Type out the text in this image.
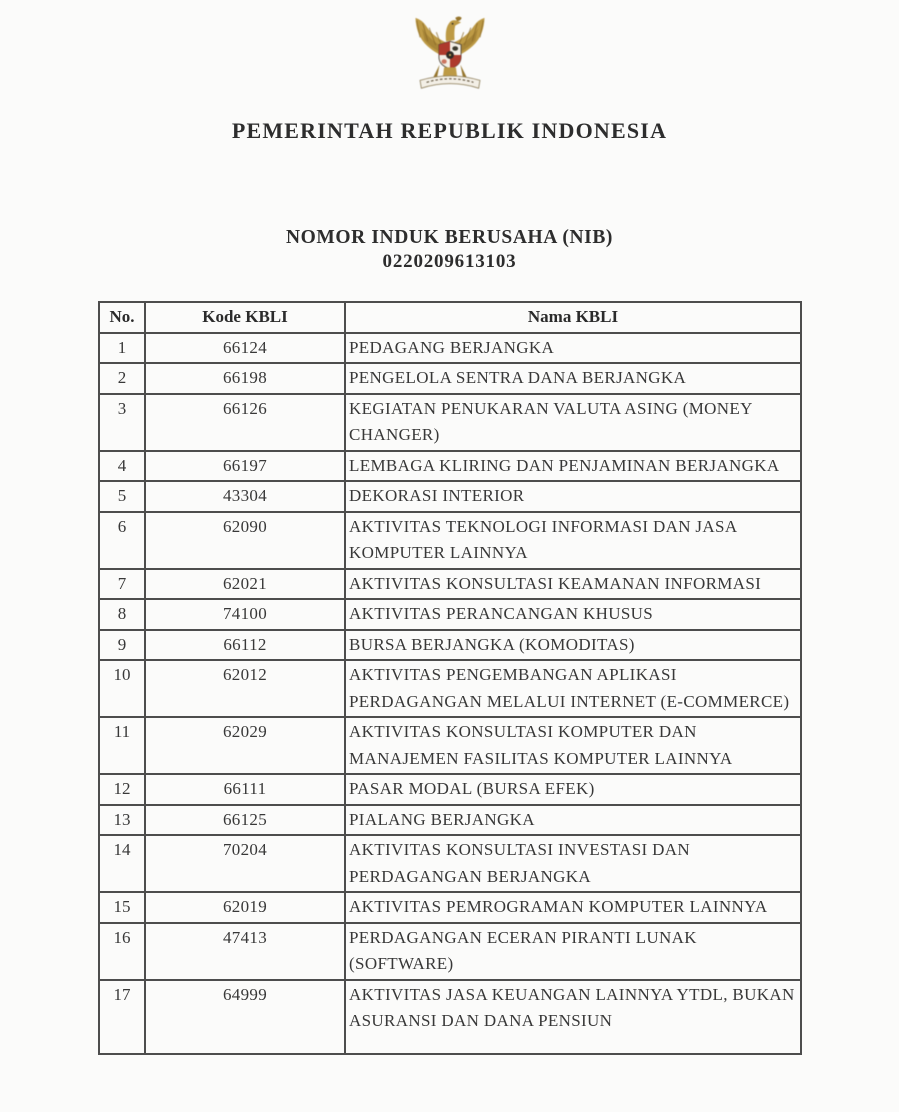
PEMERINTAH REPUBLIK INDONESIA
NOMOR INDUK BERUSAHA (NIB)
0220209613103
No.	Kode KBLI	Nama KBLI
1	66124	PEDAGANG BERJANGKA
2	66198	PENGELOLA SENTRA DANA BERJANGKA
3	66126	KEGIATAN PENUKARAN VALUTA ASING (MONEY CHANGER)
4	66197	LEMBAGA KLIRING DAN PENJAMINAN BERJANGKA
5	43304	DEKORASI INTERIOR
6	62090	AKTIVITAS TEKNOLOGI INFORMASI DAN JASA KOMPUTER LAINNYA
7	62021	AKTIVITAS KONSULTASI KEAMANAN INFORMASI
8	74100	AKTIVITAS PERANCANGAN KHUSUS
9	66112	BURSA BERJANGKA (KOMODITAS)
10	62012	AKTIVITAS PENGEMBANGAN APLIKASI PERDAGANGAN MELALUI INTERNET (E-COMMERCE)
11	62029	AKTIVITAS KONSULTASI KOMPUTER DAN MANAJEMEN FASILITAS KOMPUTER LAINNYA
12	66111	PASAR MODAL (BURSA EFEK)
13	66125	PIALANG BERJANGKA
14	70204	AKTIVITAS KONSULTASI INVESTASI DAN PERDAGANGAN BERJANGKA
15	62019	AKTIVITAS PEMROGRAMAN KOMPUTER LAINNYA
16	47413	PERDAGANGAN ECERAN PIRANTI LUNAK (SOFTWARE)
17	64999	AKTIVITAS JASA KEUANGAN LAINNYA YTDL, BUKAN ASURANSI DAN DANA PENSIUN
